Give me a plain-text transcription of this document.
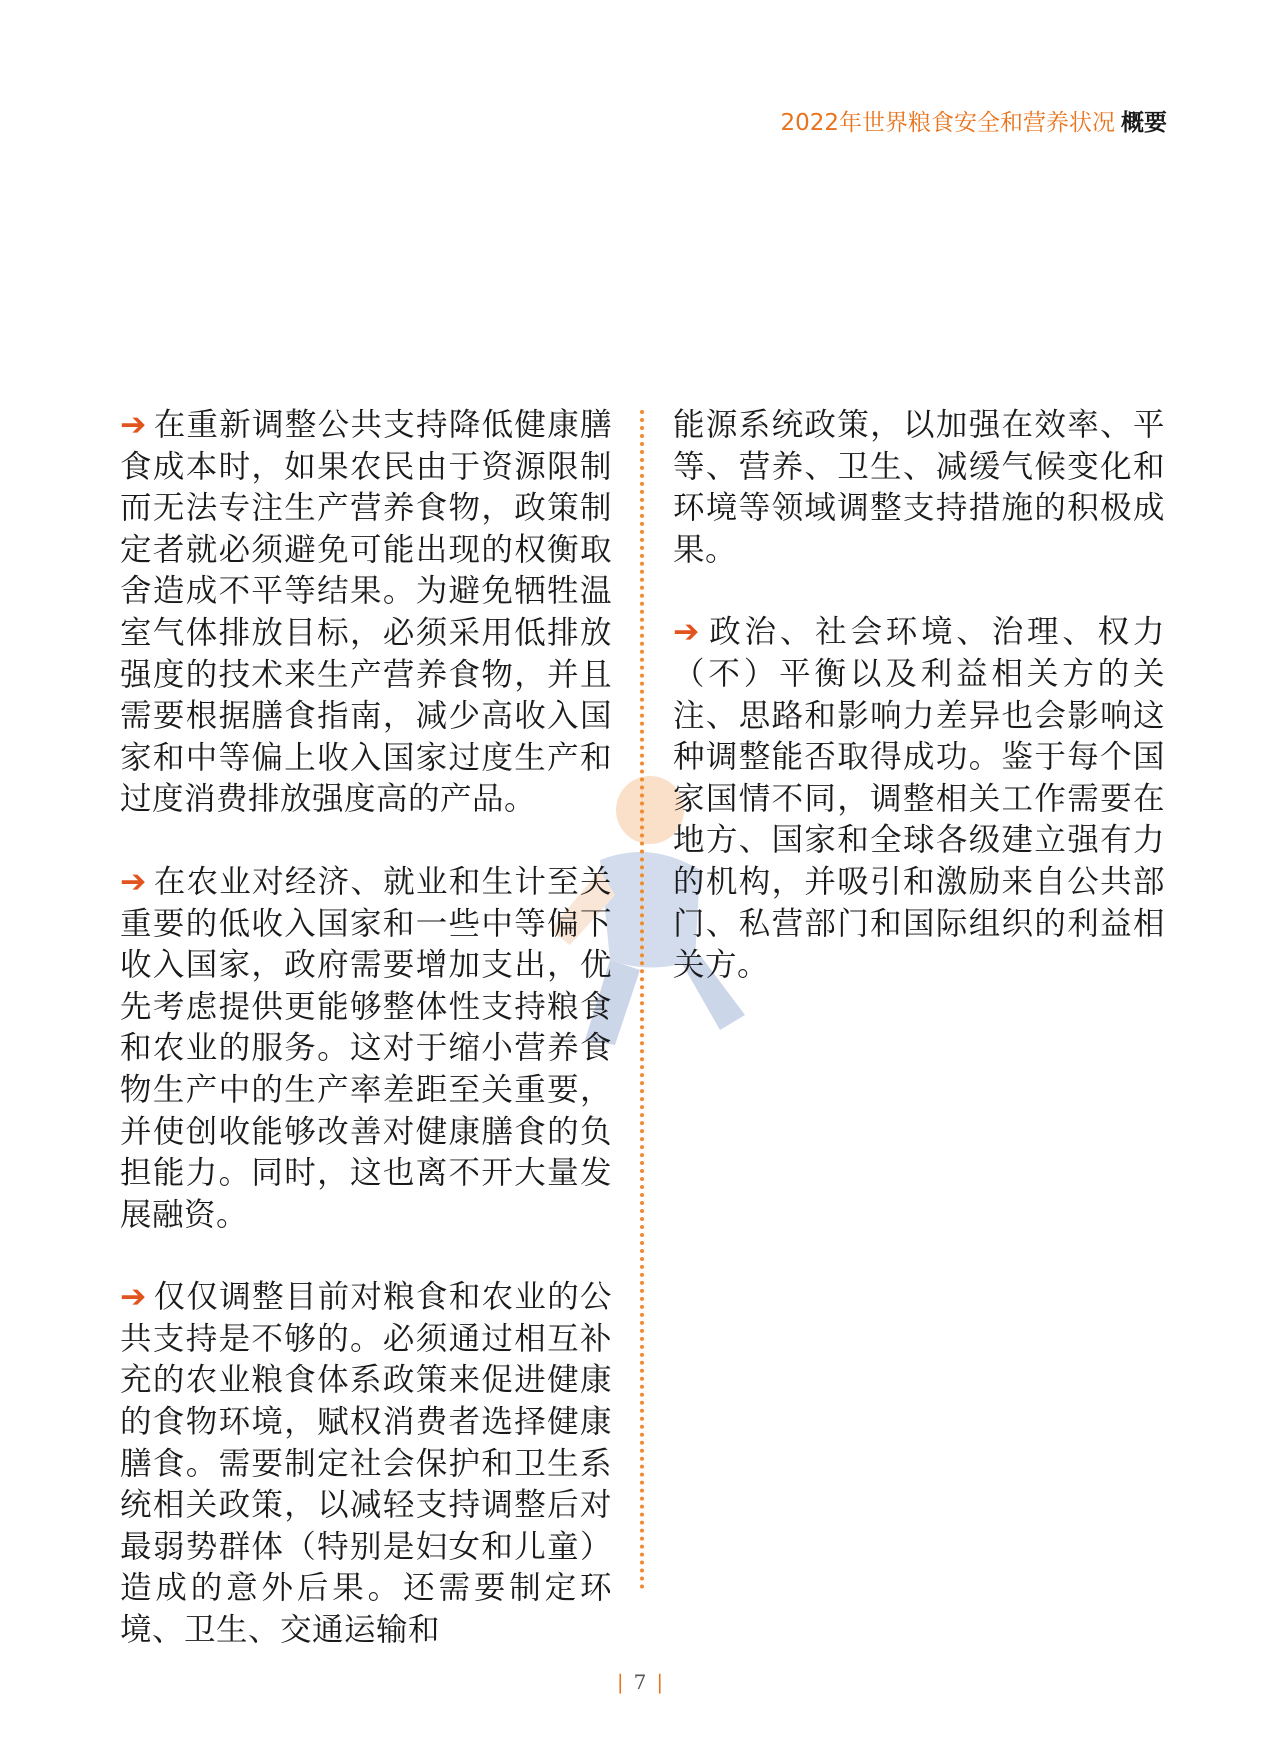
2022年世界粮食安全和营养状况 概要

➔ 在重新调整公共支持降低健康膳食成本时，如果农民由于资源限制而无法专注生产营养食物，政策制定者就必须避免可能出现的权衡取舍造成不平等结果。为避免牺牲温室气体排放目标，必须采用低排放强度的技术来生产营养食物，并且需要根据膳食指南，减少高收入国家和中等偏上收入国家过度生产和过度消费排放强度高的产品。

➔ 在农业对经济、就业和生计至关重要的低收入国家和一些中等偏下收入国家，政府需要增加支出，优先考虑提供更能够整体性支持粮食和农业的服务。这对于缩小营养食物生产中的生产率差距至关重要，并使创收能够改善对健康膳食的负担能力。同时，这也离不开大量发展融资。

➔ 仅仅调整目前对粮食和农业的公共支持是不够的。必须通过相互补充的农业粮食体系政策来促进健康的食物环境，赋权消费者选择健康膳食。需要制定社会保护和卫生系统相关政策，以减轻支持调整后对最弱势群体（特别是妇女和儿童）造成的意外后果。还需要制定环境、卫生、交通运输和

能源系统政策，以加强在效率、平等、营养、卫生、减缓气候变化和环境等领域调整支持措施的积极成果。

➔ 政治、社会环境、治理、权力（不）平衡以及利益相关方的关注、思路和影响力差异也会影响这种调整能否取得成功。鉴于每个国家国情不同，调整相关工作需要在地方、国家和全球各级建立强有力的机构，并吸引和激励来自公共部门、私营部门和国际组织的利益相关方。

| 7 |
